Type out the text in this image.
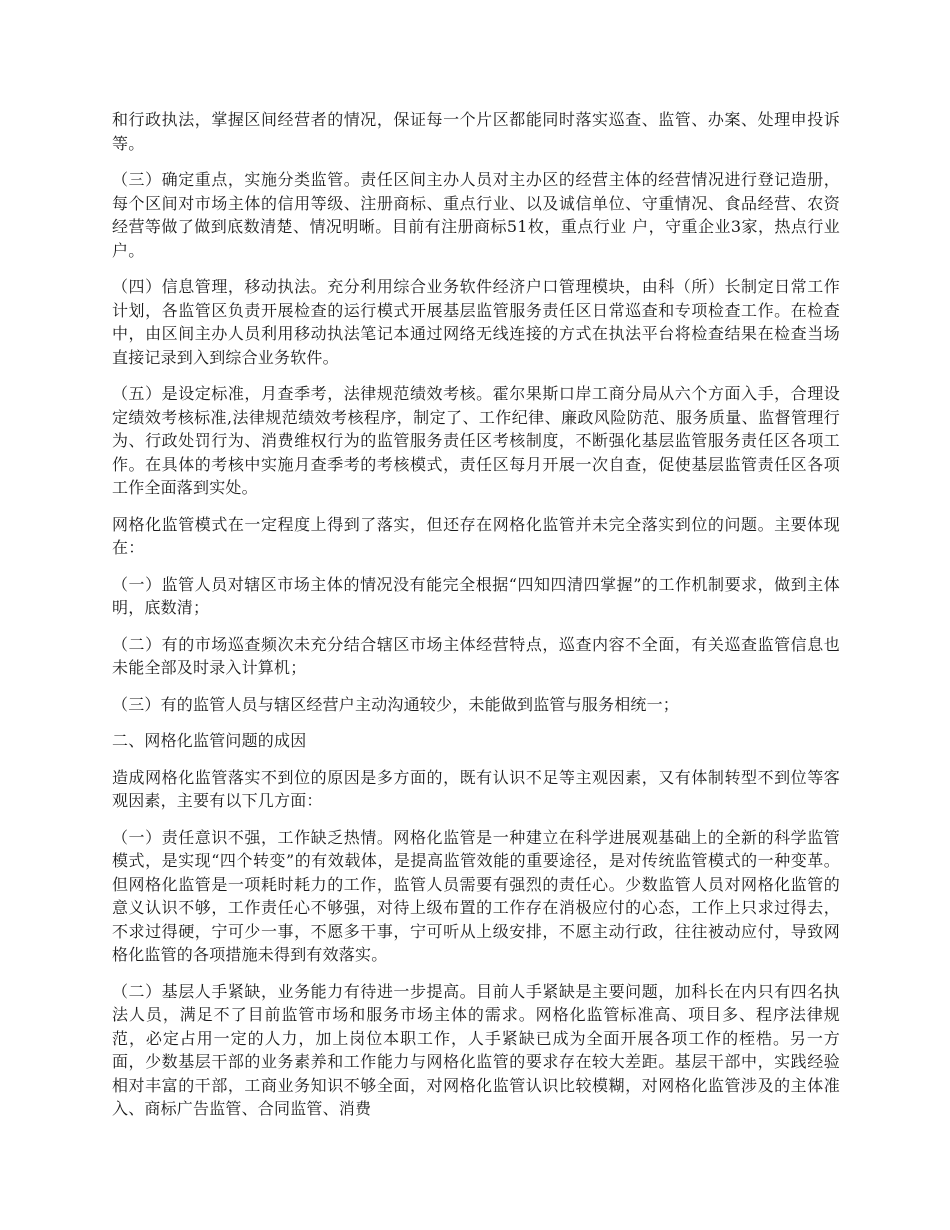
和行政执法，掌握区间经营者的情况，保证每一个片区都能同时落实巡查、监管、办案、处理申投诉等。

（三）确定重点，实施分类监管。责任区间主办人员对主办区的经营主体的经营情况进行登记造册，每个区间对市场主体的信用等级、注册商标、重点行业、以及诚信单位、守重情况、食品经营、农资经营等做了做到底数清楚、情况明晰。目前有注册商标51枚，重点行业 户，守重企业3家，热点行业 户。

（四）信息管理，移动执法。充分利用综合业务软件经济户口管理模块，由科（所）长制定日常工作计划，各监管区负责开展检查的运行模式开展基层监管服务责任区日常巡查和专项检查工作。在检查中，由区间主办人员利用移动执法笔记本通过网络无线连接的方式在执法平台将检查结果在检查当场直接记录到入到综合业务软件。

（五）是设定标准，月查季考，法律规范绩效考核。霍尔果斯口岸工商分局从六个方面入手，合理设定绩效考核标准,法律规范绩效考核程序，制定了、工作纪律、廉政风险防范、服务质量、监督管理行为、行政处罚行为、消费维权行为的监管服务责任区考核制度，不断强化基层监管服务责任区各项工作。在具体的考核中实施月查季考的考核模式，责任区每月开展一次自查，促使基层监管责任区各项工作全面落到实处。

网格化监管模式在一定程度上得到了落实，但还存在网格化监管并未完全落实到位的问题。主要体现在：

（一）监管人员对辖区市场主体的情况没有能完全根据“四知四清四掌握”的工作机制要求，做到主体明，底数清；

（二）有的市场巡查频次未充分结合辖区市场主体经营特点，巡查内容不全面，有关巡查监管信息也未能全部及时录入计算机；

（三）有的监管人员与辖区经营户主动沟通较少，未能做到监管与服务相统一；

二、网格化监管问题的成因

造成网格化监管落实不到位的原因是多方面的，既有认识不足等主观因素，又有体制转型不到位等客观因素，主要有以下几方面：

（一）责任意识不强，工作缺乏热情。网格化监管是一种建立在科学进展观基础上的全新的科学监管模式，是实现“四个转变”的有效载体，是提高监管效能的重要途径，是对传统监管模式的一种变革。但网格化监管是一项耗时耗力的工作，监管人员需要有强烈的责任心。少数监管人员对网格化监管的意义认识不够，工作责任心不够强，对待上级布置的工作存在消极应付的心态，工作上只求过得去，不求过得硬，宁可少一事，不愿多干事，宁可听从上级安排，不愿主动行政，往往被动应付，导致网格化监管的各项措施未得到有效落实。

（二）基层人手紧缺，业务能力有待进一步提高。目前人手紧缺是主要问题，加科长在内只有四名执法人员，满足不了目前监管市场和服务市场主体的需求。网格化监管标准高、项目多、程序法律规范，必定占用一定的人力，加上岗位本职工作，人手紧缺已成为全面开展各项工作的桎梏。另一方面，少数基层干部的业务素养和工作能力与网格化监管的要求存在较大差距。基层干部中，实践经验相对丰富的干部，工商业务知识不够全面，对网格化监管认识比较模糊，对网格化监管涉及的主体准入、商标广告监管、合同监管、消费
